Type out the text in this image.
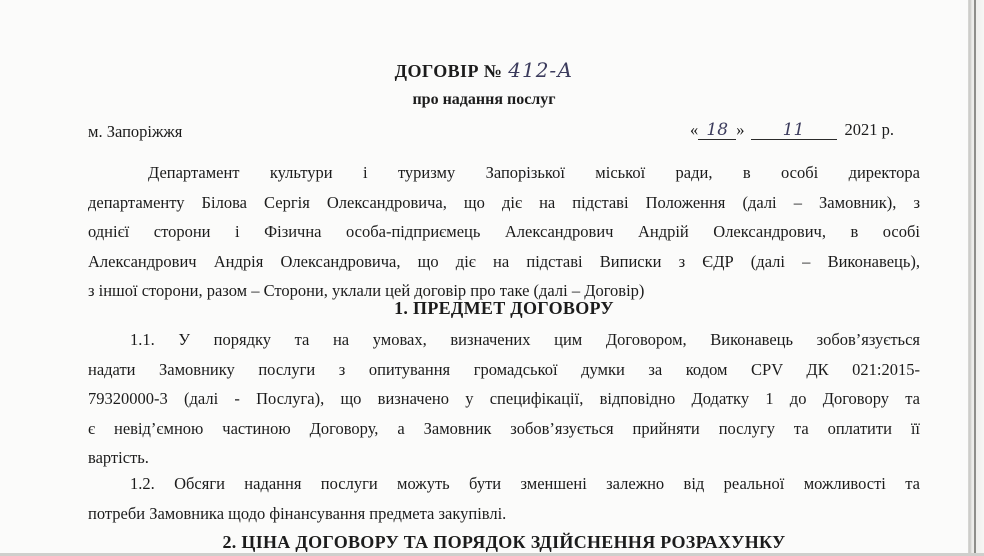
ДОГОВІР № 412-А
про надання послуг
м. Запоріжжя	« 18 » 11 2021 р.
Департамент культури і туризму Запорізької міської ради, в особі директора
департаменту Білова Сергія Олександровича, що діє на підставі Положення (далі – Замовник), з
однієї сторони і Фізична особа-підприємець Александрович Андрій Олександрович, в особі
Александрович Андрія Олександровича, що діє на підставі Виписки з ЄДР (далі – Виконавець),
з іншої сторони, разом – Сторони, уклали цей договір про таке (далі – Договір)
1. ПРЕДМЕТ ДОГОВОРУ
1.1. У порядку та на умовах, визначених цим Договором, Виконавець зобов’язується
надати Замовнику послуги з опитування громадської думки за кодом CPV ДК 021:2015-
79320000-3 (далі - Послуга), що визначено у специфікації, відповідно Додатку 1 до Договору та
є невід’ємною частиною Договору, а Замовник зобов’язується прийняти послугу та оплатити її
вартість.
1.2. Обсяги надання послуги можуть бути зменшені залежно від реальної можливості та
потреби Замовника щодо фінансування предмета закупівлі.
2. ЦІНА ДОГОВОРУ ТА ПОРЯДОК ЗДІЙСНЕННЯ РОЗРАХУНКУ
